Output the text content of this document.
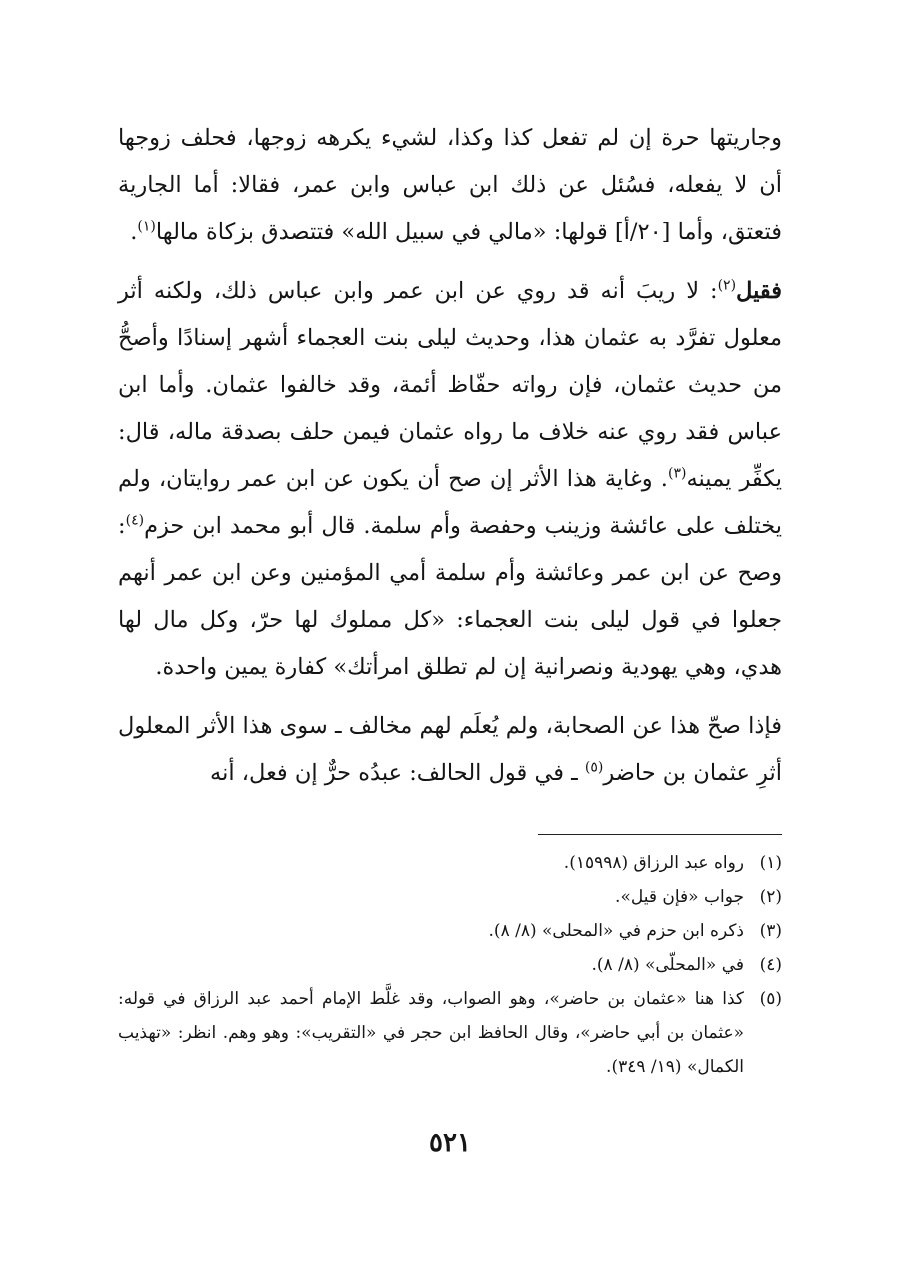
وجاريتها حرة إن لم تفعل كذا وكذا، لشيء يكرهه زوجها، فحلف زوجها أن لا يفعله، فسُئل عن ذلك ابن عباس وابن عمر، فقالا: أما الجارية فتعتق، وأما [٢٠/أ] قولها: «مالي في سبيل الله» فتتصدق بزكاة مالها$^{(١)}$.

فقيل$^{(٢)}$: لا ريبَ أنه قد روي عن ابن عمر وابن عباس ذلك، ولكنه أثر معلول تفرَّد به عثمان هذا، وحديث ليلى بنت العجماء أشهر إسنادًا وأصحُّ من حديث عثمان، فإن رواته حفّاظ أئمة، وقد خالفوا عثمان. وأما ابن عباس فقد روي عنه خلاف ما رواه عثمان فيمن حلف بصدقة ماله، قال: يكفِّر يمينه$^{(٣)}$. وغاية هذا الأثر إن صح أن يكون عن ابن عمر روايتان، ولم يختلف على عائشة وزينب وحفصة وأم سلمة. قال أبو محمد ابن حزم$^{(٤)}$: وصح عن ابن عمر وعائشة وأم سلمة أمي المؤمنين وعن ابن عمر أنهم جعلوا في قول ليلى بنت العجماء: «كل مملوك لها حرّ، وكل مال لها هدي، وهي يهودية ونصرانية إن لم تطلق امرأتك» كفارة يمين واحدة.

فإذا صحّ هذا عن الصحابة، ولم يُعلَم لهم مخالف ـ سوى هذا الأثر المعلول أثرِ عثمان بن حاضر$^{(٥)}$ ـ في قول الحالف: عبدُه حرٌّ إن فعل، أنه

(١)
رواه عبد الرزاق (١٥٩٩٨).
(٢)
جواب «فإن قيل».
(٣)
ذكره ابن حزم في «المحلى» (٨/ ٨).
(٤)
في «المحلّى» (٨/ ٨).
(٥)
كذا هنا «عثمان بن حاضر»، وهو الصواب، وقد غلَّط الإمام أحمد عبد الرزاق في قوله: «عثمان بن أبي حاضر»، وقال الحافظ ابن حجر في «التقريب»: وهو وهم. انظر: «تهذيب الكمال» (١٩/ ٣٤٩).
٥٢١
